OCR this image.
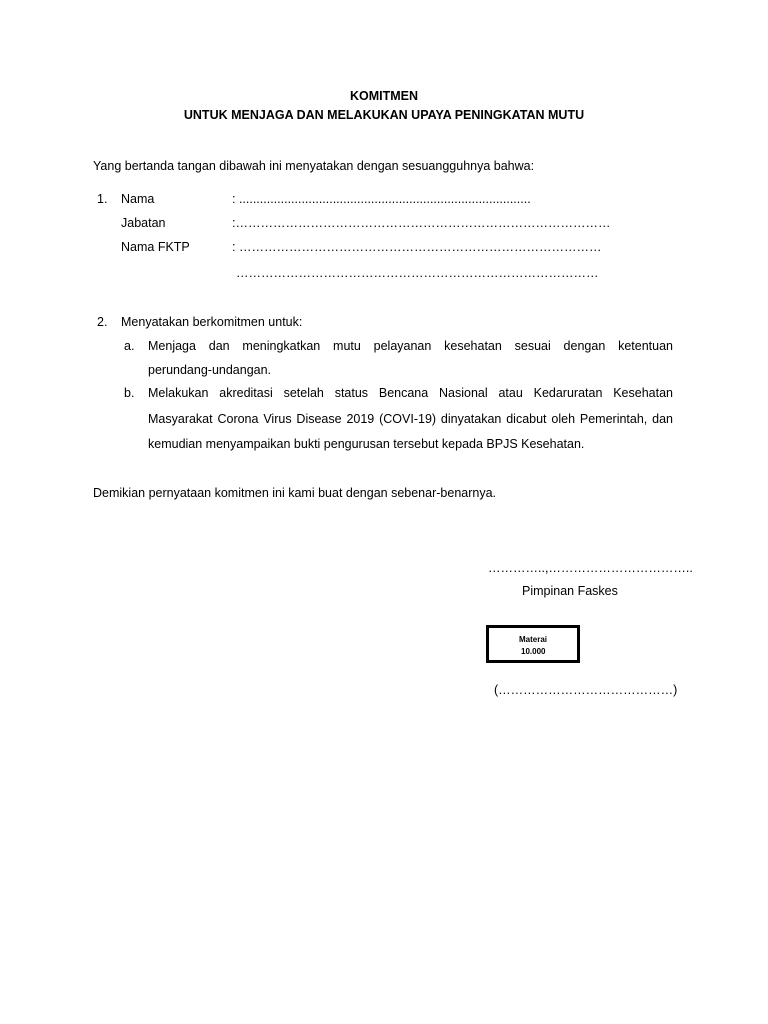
KOMITMEN
UNTUK MENJAGA DAN MELAKUKAN UPAYA PENINGKATAN MUTU
Yang bertanda tangan dibawah ini menyatakan dengan sesuangguhnya bahwa:
1. Nama	: ....................................................................................
Jabatan	:………………………………………………………………………………
Nama FKTP	: ……………………………………………………………………………
……………………………………………………………………………
2. Menyatakan berkomitmen untuk:
a. Menjaga dan meningkatkan mutu pelayanan kesehatan sesuai dengan ketentuan
perundang-undangan.
b. Melakukan akreditasi setelah status Bencana Nasional atau Kedaruratan Kesehatan
Masyarakat Corona Virus Disease 2019 (COVI-19) dinyatakan dicabut oleh Pemerintah, dan
kemudian menyampaikan bukti pengurusan tersebut kepada BPJS Kesehatan.
Demikian pernyataan komitmen ini kami buat dengan sebenar-benarnya.
…………..,……………………………..
Pimpinan Faskes
Materai
10.000
(……………………………………)
